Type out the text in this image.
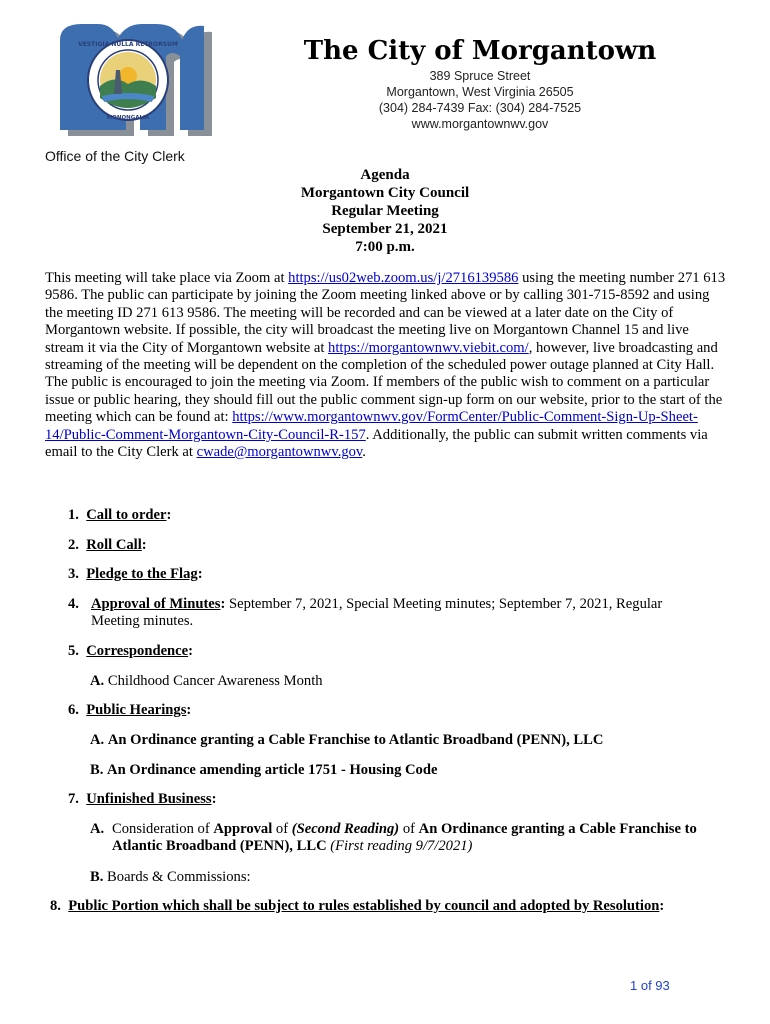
VESTIGIA NULLA RETRORSUM
MONONGALIA
The City of Morgantown
389 Spruce Street
Morgantown, West Virginia 26505
(304) 284-7439 Fax: (304) 284-7525
www.morgantownwv.gov
Office of the City Clerk
Agenda
Morgantown City Council
Regular Meeting
September 21, 2021
7:00 p.m.

This meeting will take place via Zoom at https://us02web.zoom.us/j/2716139586 using the meeting number 271 613 9586. The public can participate by joining the Zoom meeting linked above or by calling 301-715-8592 and using the meeting ID 271 613 9586. The meeting will be recorded and can be viewed at a later date on the City of Morgantown website. If possible, the city will broadcast the meeting live on Morgantown Channel 15 and live stream it via the City of Morgantown website at https://morgantownwv.viebit.com/, however, live broadcasting and streaming of the meeting will be dependent on the completion of the scheduled power outage planned at City Hall. The public is encouraged to join the meeting via Zoom. If members of the public wish to comment on a particular issue or public hearing, they should fill out the public comment sign-up form on our website, prior to the start of the meeting which can be found at: https://www.morgantownwv.gov/FormCenter/Public-Comment-Sign-Up-Sheet-14/Public-Comment-Morgantown-City-Council-R-157. Additionally, the public can submit written comments via email to the City Clerk at cwade@morgantownwv.gov.

1. Call to order:
2. Roll Call:
3. Pledge to the Flag:
4. Approval of Minutes: September 7, 2021, Special Meeting minutes; September 7, 2021, Regular Meeting minutes.
5. Correspondence:
A. Childhood Cancer Awareness Month
6. Public Hearings:
A. An Ordinance granting a Cable Franchise to Atlantic Broadband (PENN), LLC
B. An Ordinance amending article 1751 - Housing Code
7. Unfinished Business:
A. Consideration of Approval of (Second Reading) of An Ordinance granting a Cable Franchise to Atlantic Broadband (PENN), LLC (First reading 9/7/2021)
B. Boards & Commissions:
8. Public Portion which shall be subject to rules established by council and adopted by Resolution:
1 of 93
